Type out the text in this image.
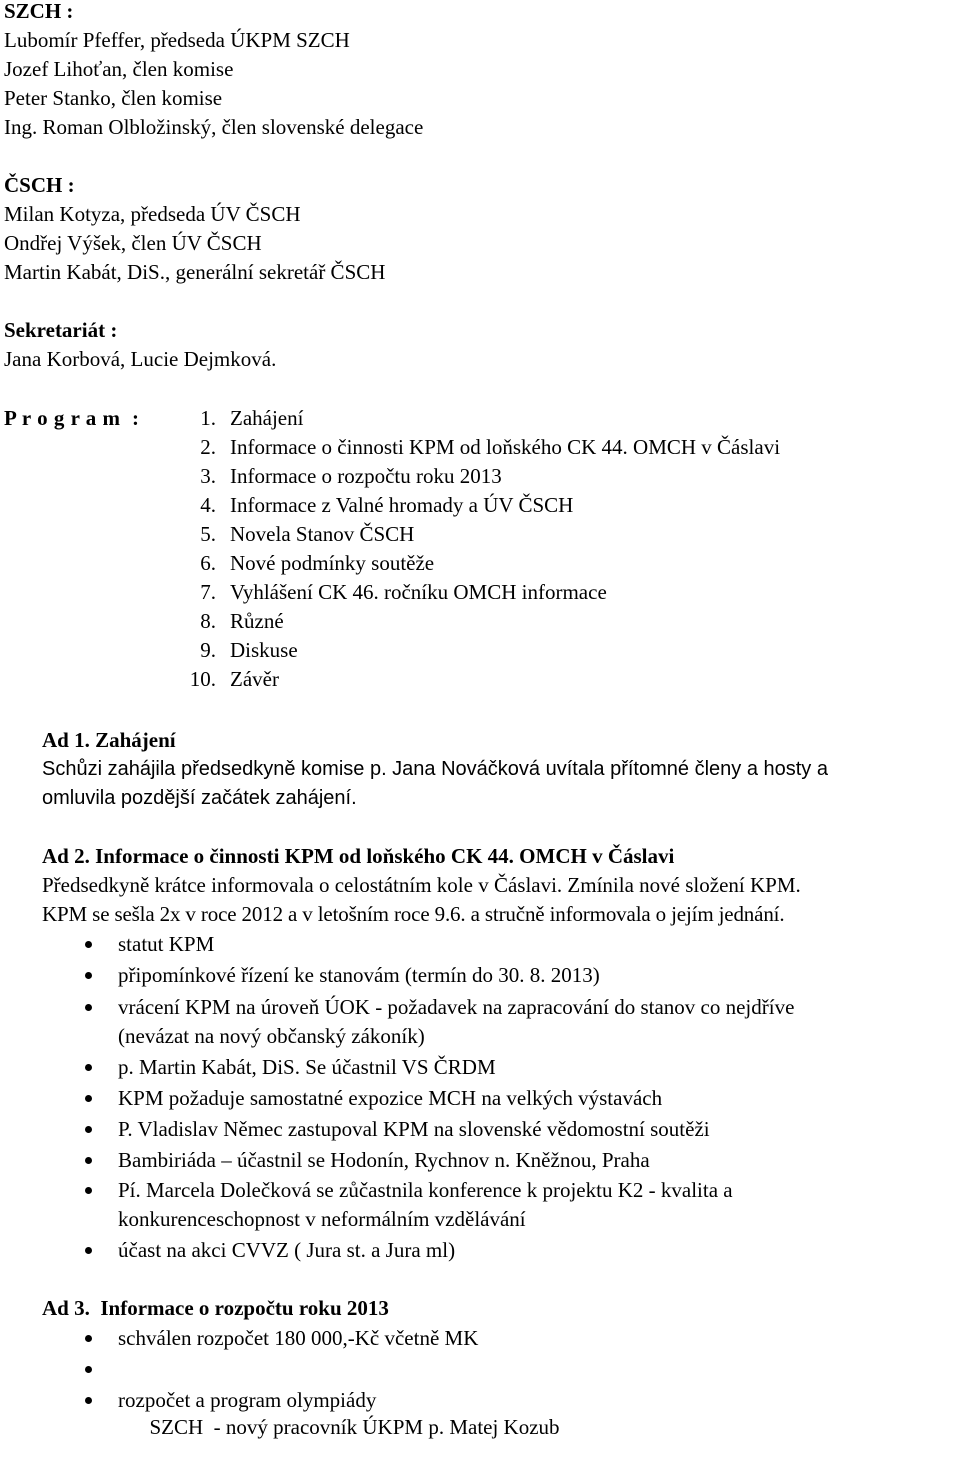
SZCH :
Lubomír Pfeffer, předseda ÚKPM SZCH
Jozef Lihoťan, člen komise
Peter Stanko, člen komise
Ing. Roman Olbložinský, člen slovenské delegace
ČSCH :
Milan Kotyza, předseda ÚV ČSCH
Ondřej Výšek, člen ÚV ČSCH
Martin Kabát, DiS., generální sekretář ČSCH
Sekretariát :
Jana Korbová, Lucie Dejmková.
P r o g r a m  :	1. Zahájení
2. Informace o činnosti KPM od loňského CK 44. OMCH v Čáslavi
3. Informace o rozpočtu roku 2013
4. Informace z Valné hromady a ÚV ČSCH
5. Novela Stanov ČSCH
6. Nové podmínky soutěže
7. Vyhlášení CK 46. ročníku OMCH informace
8. Různé
9. Diskuse
10. Závěr
Ad 1. Zahájení
Schůzi zahájila předsedkyně komise p. Jana Nováčková uvítala přítomné členy a hosty a
omluvila pozdější začátek zahájení.
Ad 2. Informace o činnosti KPM od loňského CK 44. OMCH v Čáslavi
Předsedkyně krátce informovala o celostátním kole v Čáslavi. Zmínila nové složení KPM.
KPM se sešla 2x v roce 2012 a v letošním roce 9.6. a stručně informovala o jejím jednání.
statut KPM
připomínkové řízení ke stanovám (termín do 30. 8. 2013)
vrácení KPM na úroveň ÚOK - požadavek na zapracování do stanov co nejdříve
(nevázat na nový občanský zákoník)
p. Martin Kabát, DiS. Se účastnil VS ČRDM
KPM požaduje samostatné expozice MCH na velkých výstavách
P. Vladislav Němec zastupoval KPM na slovenské vědomostní soutěži
Bambiriáda – účastnil se Hodonín, Rychnov n. Kněžnou, Praha
Pí. Marcela Dolečková se zůčastnila konference k projektu K2 - kvalita a
konkurenceschopnost v neformálním vzdělávání
účast na akci CVVZ ( Jura st. a Jura ml)
Ad 3.  Informace o rozpočtu roku 2013
schválen rozpočet 180 000,-Kč včetně MK

SZCH  - nový pracovník ÚKPM p. Matej Kozub

rozpočet a program olympiády
